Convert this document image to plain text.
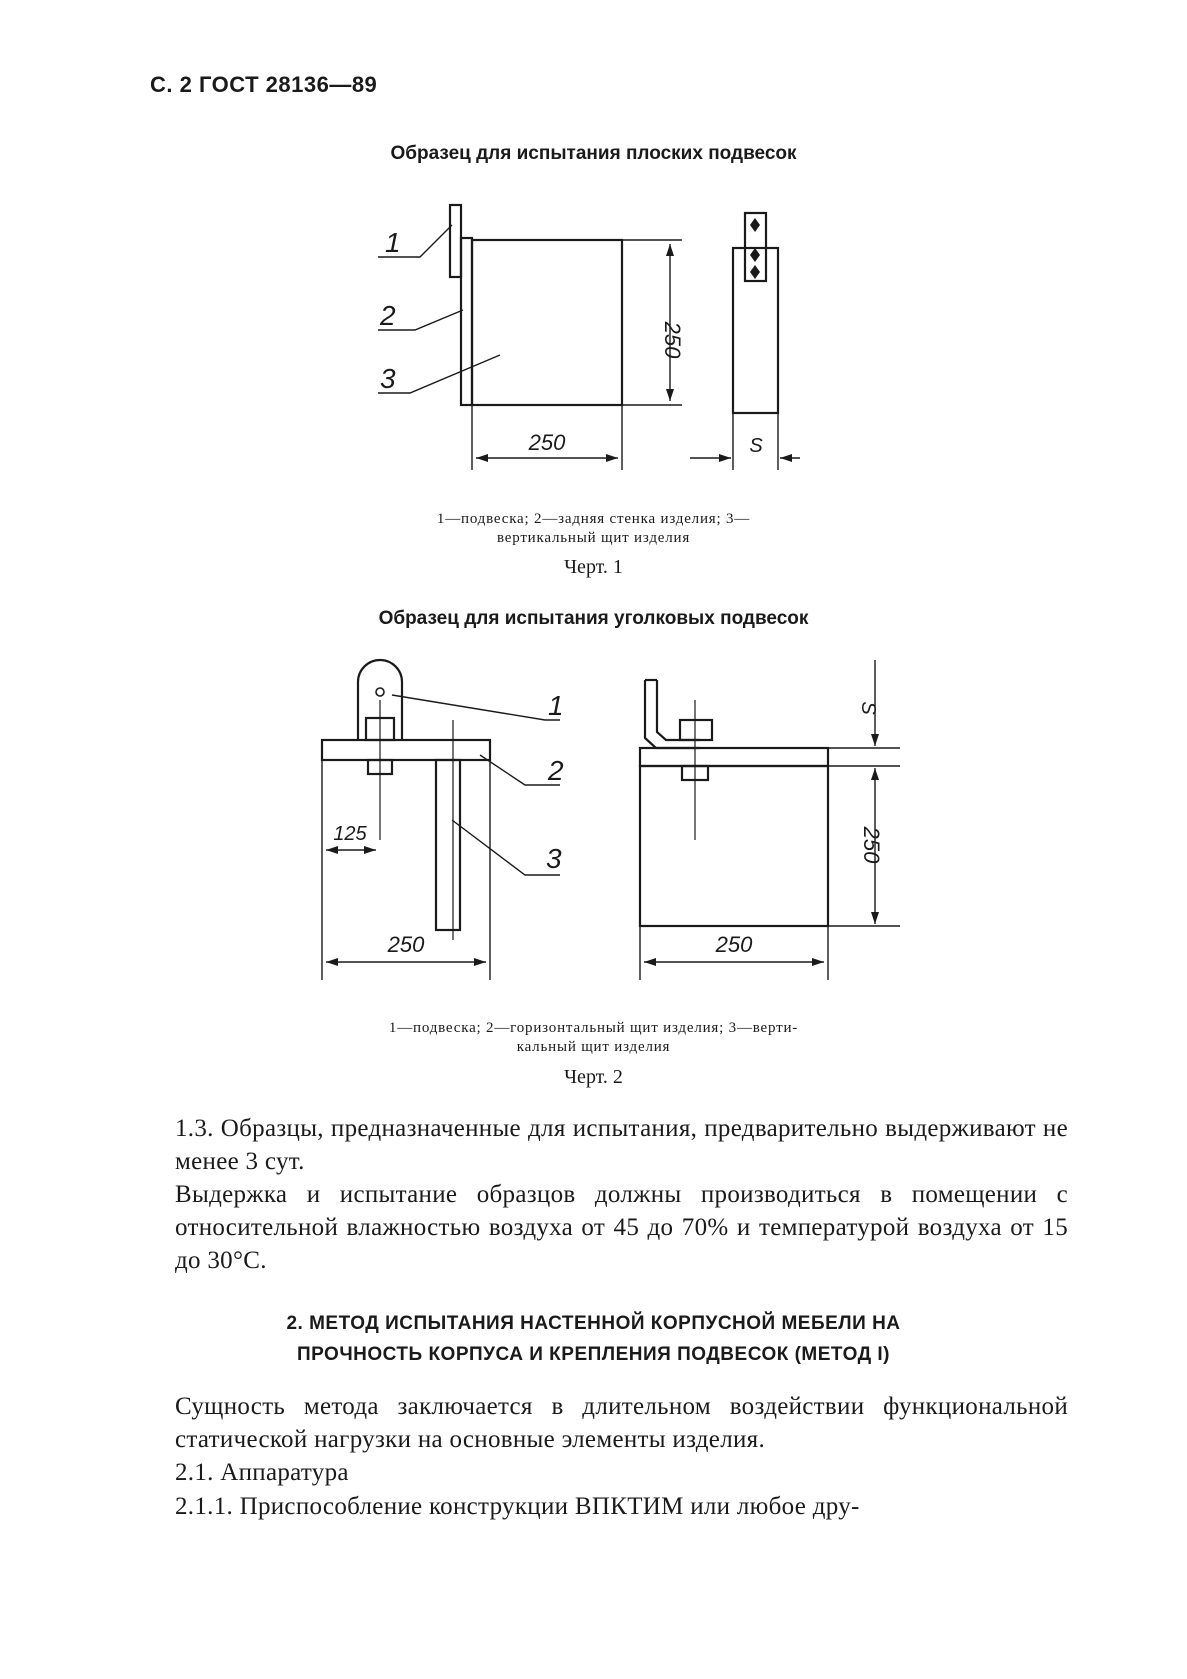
С. 2 ГОСТ 28136—89
Образец для испытания плоских подвесок
1
2
3
250
250	S
1—подвеска; 2—задняя стенка изделия; 3—
вертикальный щит изделия
Черт. 1
Образец для испытания уголковых подвесок
1
2
3
125
250	250
250
S
1—подвеска; 2—горизонтальный щит изделия; 3—верти-
кальный щит изделия
Черт. 2
1.3. Образцы, предназначенные для испытания, предварительно выдерживают не менее 3 сут.
Выдержка и испытание образцов должны производиться в помещении с относительной влажностью воздуха от 45 до 70% и температурой воздуха от 15 до 30°С.
2. МЕТОД ИСПЫТАНИЯ НАСТЕННОЙ КОРПУСНОЙ МЕБЕЛИ НА
ПРОЧНОСТЬ КОРПУСА И КРЕПЛЕНИЯ ПОДВЕСОК (МЕТОД I)
Сущность метода заключается в длительном воздействии функциональной статической нагрузки на основные элементы изделия.
2.1. Аппаратура
2.1.1. Приспособление конструкции ВПКТИМ или любое дру-
